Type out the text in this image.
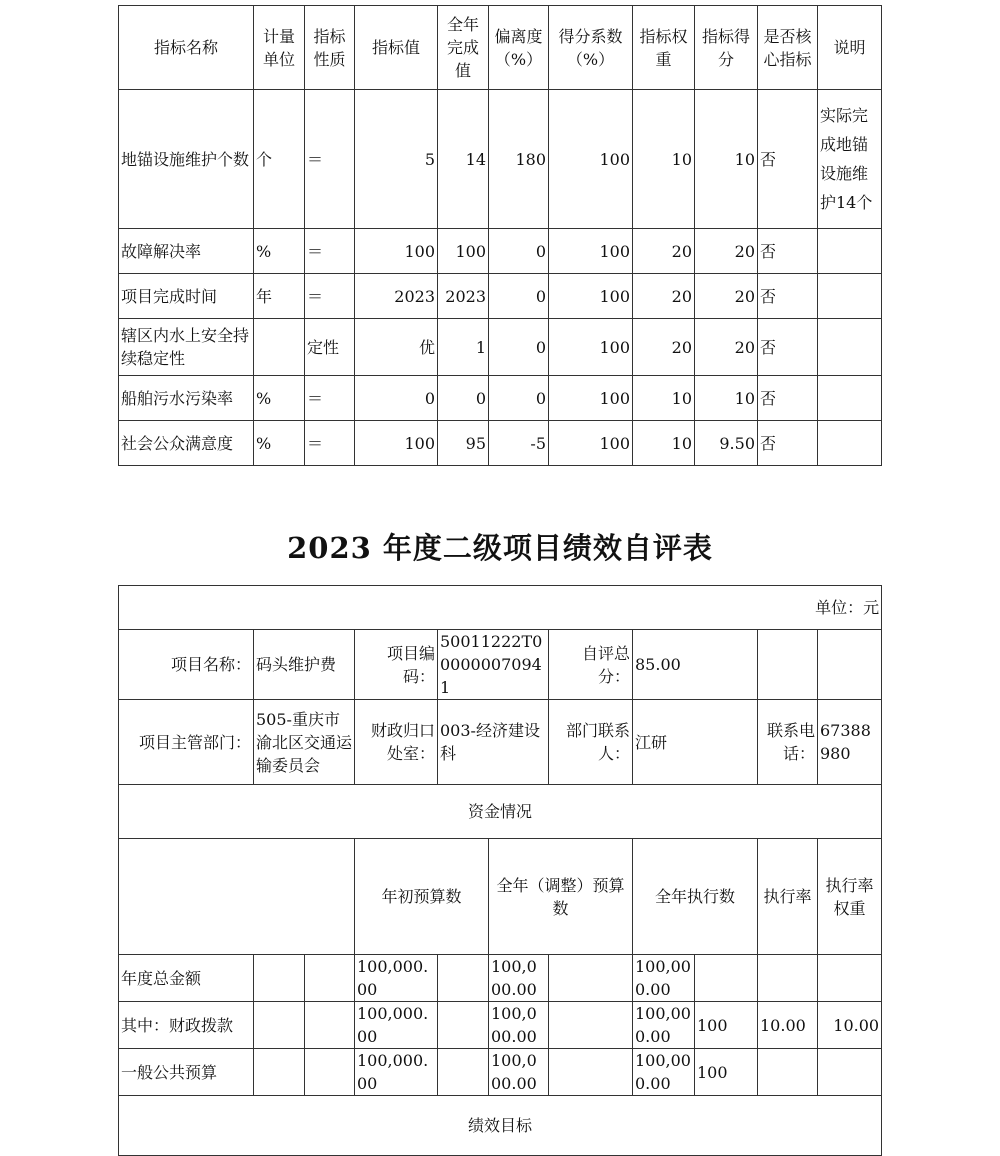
指标名称	计量单位	指标性质	指标值	全年完成值	偏离度（%）	得分系数（%）	指标权重	指标得分	是否核心指标	说明
地锚设施维护个数	个	＝	5	14	180	100	10	10	否	实际完成地锚设施维护14个
故障解决率	%	＝	100	100	0	100	20	20	否	
项目完成时间	年	＝	2023	2023	0	100	20	20	否	
辖区内水上安全持续稳定性		定性	优	1	0	100	20	20	否	
船舶污水污染率	%	＝	0	0	0	100	10	10	否	
社会公众满意度	%	＝	100	95	-5	100	10	9.50	否	
2023 年度二级项目绩效自评表
单位：元											
项目名称：	码头维护费		项目编码：	50011222T000000070941		自评总分：	85.00				
项目主管部门：	505-重庆市渝北区交通运输委员会		财政归口处室：	003-经济建设科		部门联系人：	江研		联系电话：	67388980	
资金情况											
			年初预算数		全年（调整）预算数		全年执行数		执行率	执行率权重	
年度总金额			100,000.00		100,000.00		100,000.00				
其中：财政拨款			100,000.00		100,000.00		100,000.00	100	10.00	10.00	
一般公共预算			100,000.00		100,000.00		100,000.00	100			
绩效目标											
